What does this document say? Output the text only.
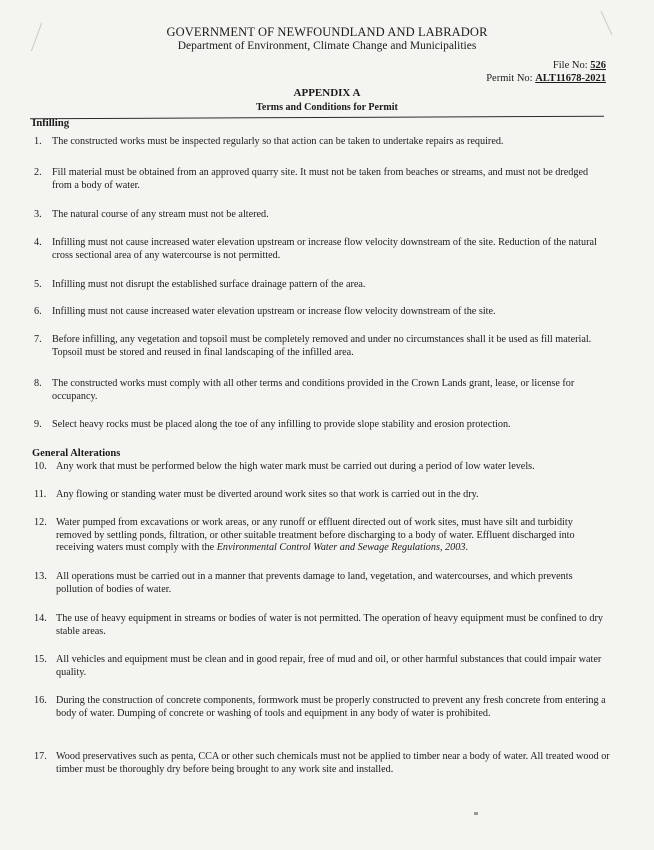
GOVERNMENT OF NEWFOUNDLAND AND LABRADOR
Department of Environment, Climate Change and Municipalities
File No: 526
Permit No: ALT11678-2021
APPENDIX A
Terms and Conditions for Permit
Infilling
1.	The constructed works must be inspected regularly so that action can be taken to undertake repairs as required.
2.	Fill material must be obtained from an approved quarry site. It must not be taken from beaches or streams, and must not be dredged from a body of water.
3.	The natural course of any stream must not be altered.
4.	Infilling must not cause increased water elevation upstream or increase flow velocity downstream of the site. Reduction of the natural cross sectional area of any watercourse is not permitted.
5.	Infilling must not disrupt the established surface drainage pattern of the area.
6.	Infilling must not cause increased water elevation upstream or increase flow velocity downstream of the site.
7.	Before infilling, any vegetation and topsoil must be completely removed and under no circumstances shall it be used as fill material. Topsoil must be stored and reused in final landscaping of the infilled area.
8.	The constructed works must comply with all other terms and conditions provided in the Crown Lands grant, lease, or license for occupancy.
9.	Select heavy rocks must be placed along the toe of any infilling to provide slope stability and erosion protection.
General Alterations
10. Any work that must be performed below the high water mark must be carried out during a period of low water levels.
11. Any flowing or standing water must be diverted around work sites so that work is carried out in the dry.
12. Water pumped from excavations or work areas, or any runoff or effluent directed out of work sites, must have silt and turbidity removed by settling ponds, filtration, or other suitable treatment before discharging to a body of water. Effluent discharged into receiving waters must comply with the Environmental Control Water and Sewage Regulations, 2003.
13. All operations must be carried out in a manner that prevents damage to land, vegetation, and watercourses, and which prevents pollution of bodies of water.
14. The use of heavy equipment in streams or bodies of water is not permitted. The operation of heavy equipment must be confined to dry stable areas.
15. All vehicles and equipment must be clean and in good repair, free of mud and oil, or other harmful substances that could impair water quality.
16. During the construction of concrete components, formwork must be properly constructed to prevent any fresh concrete from entering a body of water. Dumping of concrete or washing of tools and equipment in any body of water is prohibited.
17. Wood preservatives such as penta, CCA or other such chemicals must not be applied to timber near a body of water. All treated wood or timber must be thoroughly dry before being brought to any work site and installed.
